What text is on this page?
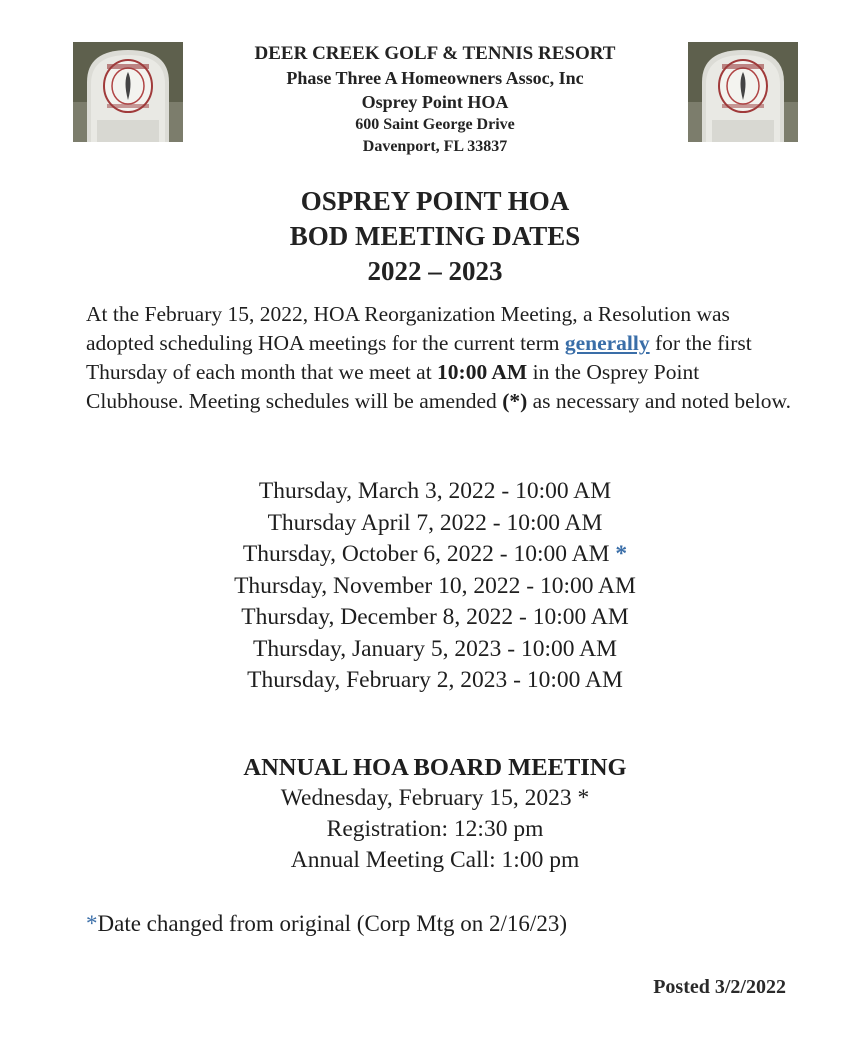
DEER CREEK GOLF & TENNIS RESORT
Phase Three A Homeowners Assoc, Inc
Osprey Point HOA
600 Saint George Drive
Davenport, FL 33837
OSPREY POINT HOA
BOD MEETING DATES
2022 – 2023
At the February 15, 2022, HOA Reorganization Meeting, a Resolution was adopted scheduling HOA meetings for the current term generally for the first Thursday of each month that we meet at 10:00 AM in the Osprey Point Clubhouse. Meeting schedules will be amended (*) as necessary and noted below.
Thursday, March 3, 2022 - 10:00 AM
Thursday April 7, 2022 - 10:00 AM
Thursday, October 6, 2022 - 10:00 AM *
Thursday, November 10, 2022 - 10:00 AM
Thursday, December 8, 2022 - 10:00 AM
Thursday, January 5, 2023 - 10:00 AM
Thursday, February 2, 2023 - 10:00 AM
ANNUAL HOA BOARD MEETING
Wednesday, February 15, 2023 *
Registration: 12:30 pm
Annual Meeting Call: 1:00 pm
*Date changed from original (Corp Mtg on 2/16/23)
Posted 3/2/2022
